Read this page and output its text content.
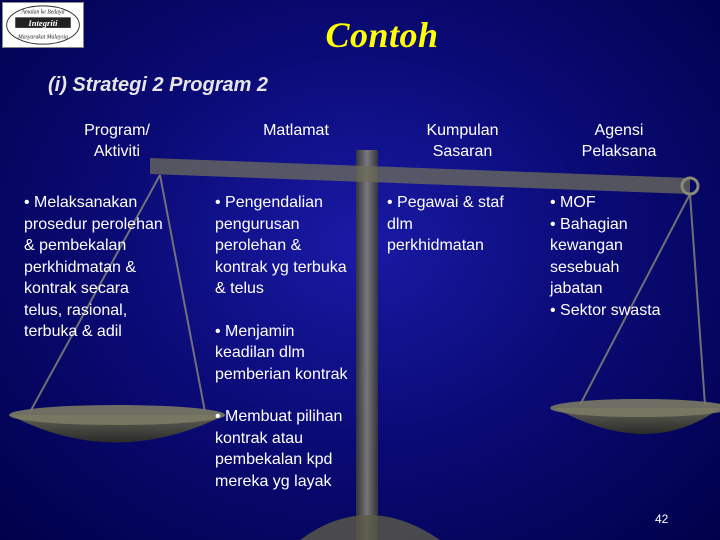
Amalan ke Bedaya
Integriti
Masyarakat Malaysia	Contoh
(i) Strategi 2 Program 2
Program/
Aktiviti
Matlamat	Kumpulan
Sasaran
Agensi
Pelaksana
• Melaksanakan
prosedur perolehan
& pembekalan
perkhidmatan &
kontrak secara
telus, rasional,
terbuka & adil
• Pengendalian
pengurusan
perolehan &
kontrak yg terbuka
& telus
• Menjamin
keadilan dlm
pemberian kontrak
• Membuat pilihan
kontrak atau
pembekalan kpd
mereka yg layak
• Pegawai & staf
dlm
perkhidmatan
• MOF
• Bahagian
kewangan
sesebuah
jabatan
• Sektor swasta
42
